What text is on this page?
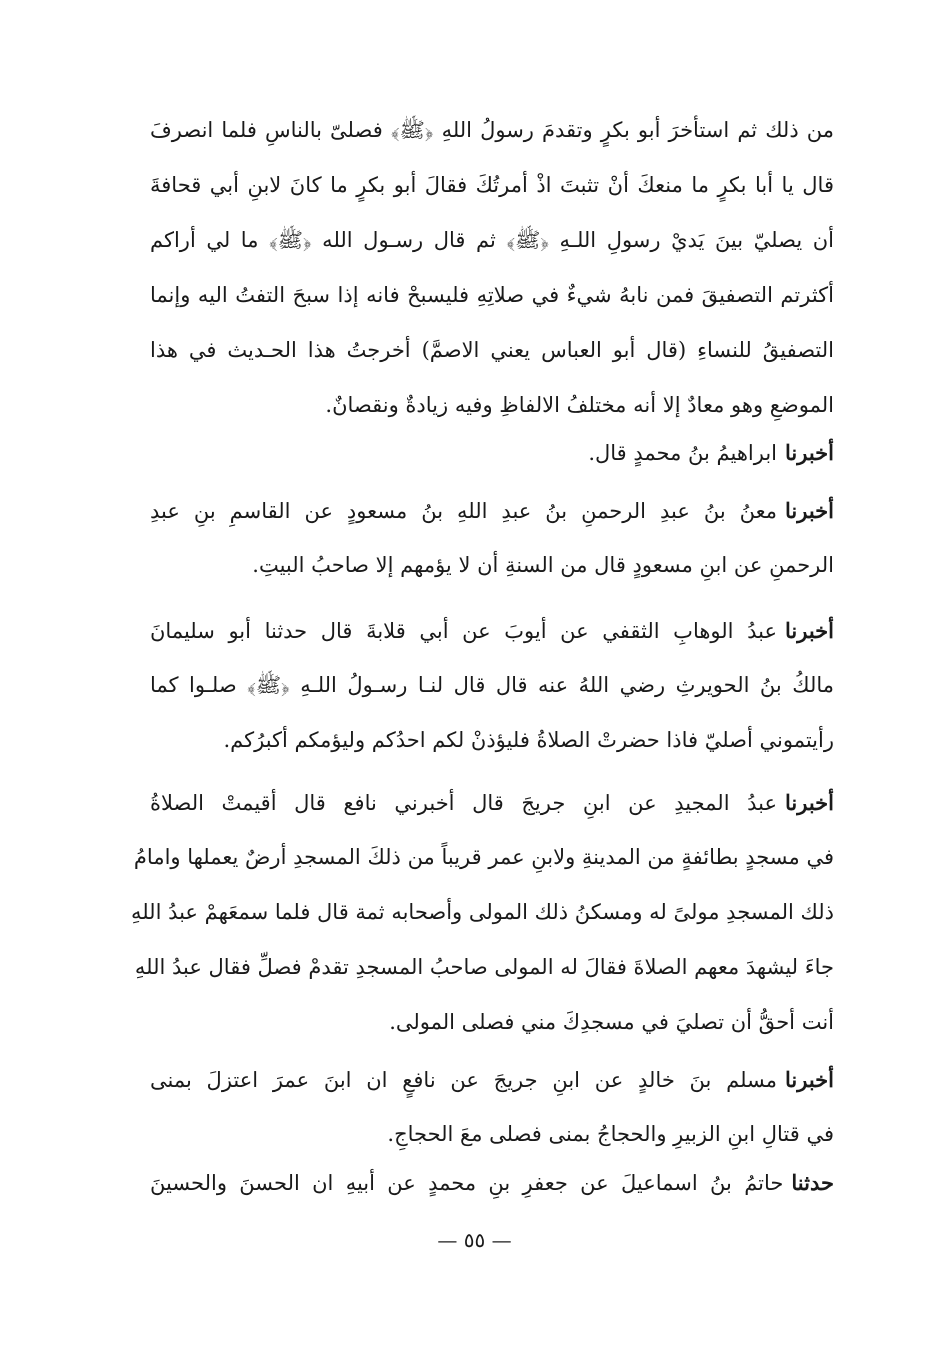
من ذلك ثم استأخرَ أبو بكرٍ وتقدمَ رسولُ اللهِ ﴿ﷺ﴾ فصلىّ بالناسِ فلما انصرفَ
قال يا أبا بكرٍ ما منعكَ أنْ تثبتَ اذْ أمرتُكَ فقالَ أبو بكرٍ ما كانَ لابنِ أبي قحافةَ
أن يصليّ بينَ يَديْ رسولِ اللـهِ ﴿ﷺ﴾ ثم قال رسـول الله ﴿ﷺ﴾ ما لي أراكم
أكثرتم التصفيقَ فمن نابهُ شيءٌ في صلاتِهِ فليسبحْ فانه إذا سبحَ التفتُ اليه وإنما
التصفيقُ للنساءِ (قال أبو العباس يعني الاصمَّ) أخرجتُ هذا الحـديث في هذا
الموضعِ وهو معادٌ إلا أنه مختلفُ الالفاظِ وفيه زيادةٌ ونقصانٌ.
أخبرناابراهيمُ بنُ محمدٍ قال.
أخبرنامعنُ بنُ عبدِ الرحمنِ بنُ عبدِ اللهِ بنُ مسعودٍ عن القاسمِ بنِ عبدِ
الرحمنِ عن ابنِ مسعودٍ قال من السنةِ أن لا يؤمهم إلا صاحبُ البيتِ.
أخبرناعبدُ الوهابِ الثقفي عن أيوبَ عن أبي قلابةَ قال حدثنا أبو سليمانَ
مالكُ بنُ الحويرثِ رضي اللهُ عنه قال قال لنـا رسـولُ اللـهِ ﴿ﷺ﴾ صلـوا كما
رأيتموني أصليّ فاذا حضرتْ الصلاةُ فليؤذنْ لكم احدُكم وليؤمكم أكبرُكم.
أخبرناعبدُ المجيدِ عن ابنِ جريجَ قال أخبرني نافع قال أقيمتْ الصلاةُ
في مسجدٍ بطائفةٍ من المدينةِ ولابنِ عمر قريباً من ذلكَ المسجدِ أرضٌ يعملها وامامُ
ذلك المسجدِ مولىً له ومسكنُ ذلك المولى وأصحابه ثمة قال فلما سمعَهمْ عبدُ اللهِ
جاءَ ليشهدَ معهم الصلاةَ فقالَ له المولى صاحبُ المسجدِ تقدمْ فصلِّ فقال عبدُ اللهِ
أنت أحقُّ أن تصليَ في مسجدِكَ مني فصلى المولى.
أخبرنامسلم بنَ خالدٍ عن ابنِ جريجَ عن نافعٍ ان ابنَ عمرَ اعتزلَ بمنى
في قتالِ ابنِ الزبيرِ والحجاجُ بمنى فصلى معَ الحجاجِ.
حدثناحاتمُ بنُ اسماعيلَ عن جعفرِ بنِ محمدٍ عن أبيهِ ان الحسنَ والحسينَ
— ٥٥ —
